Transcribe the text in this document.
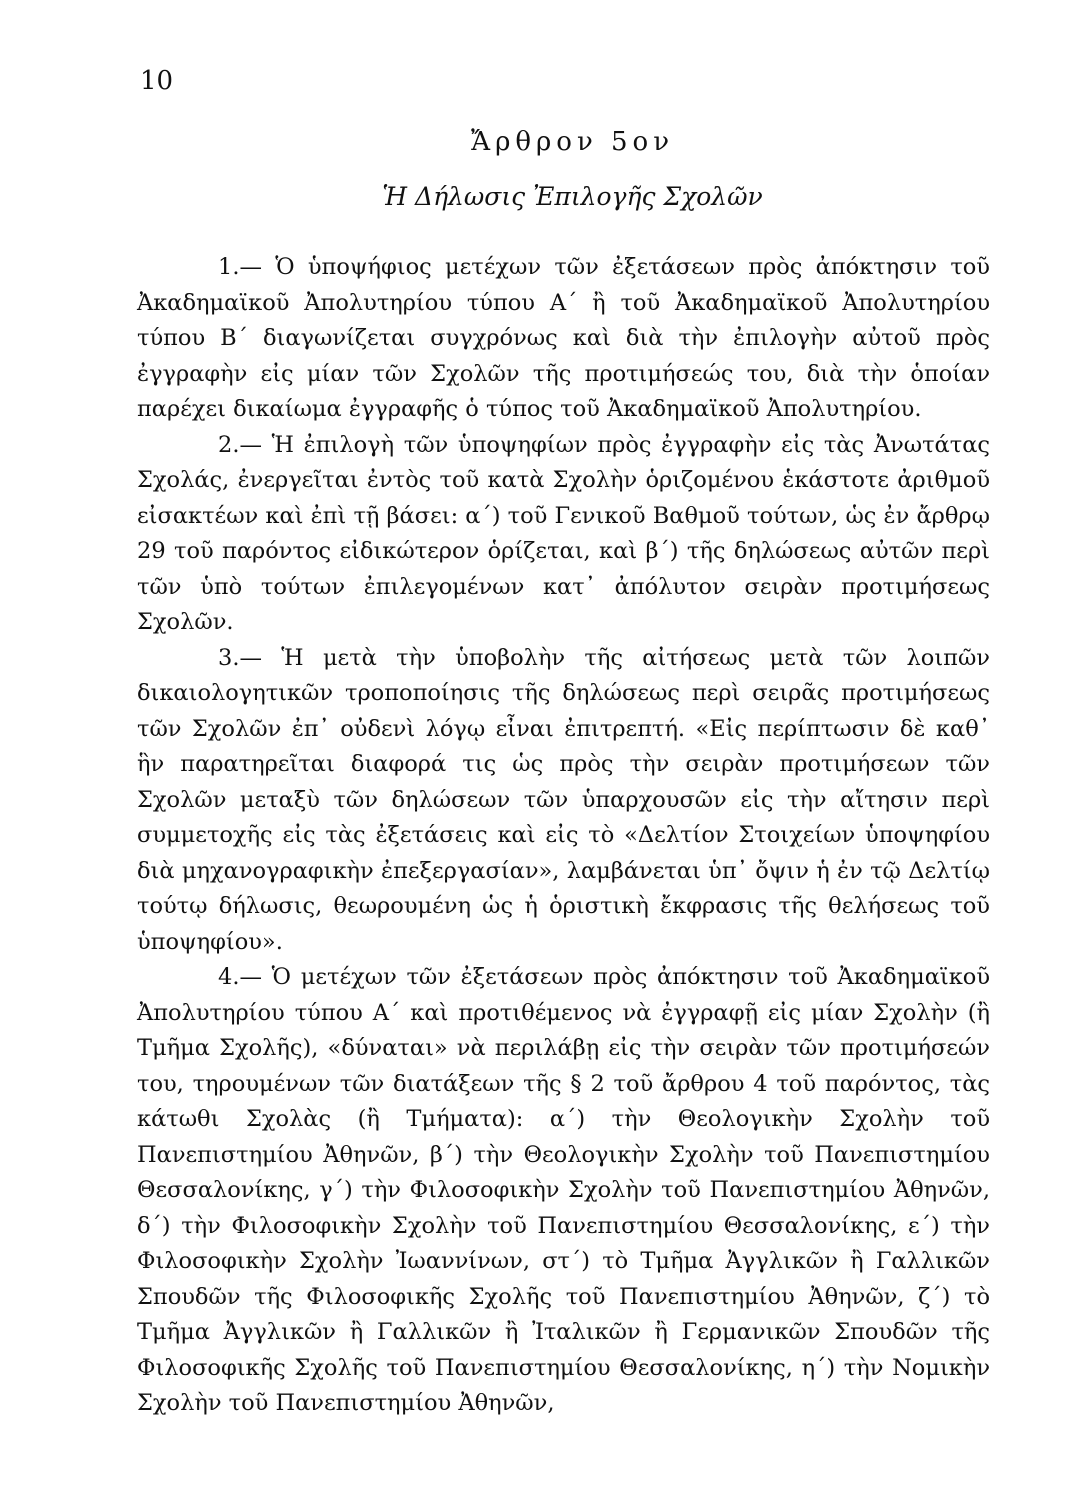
10
Ἄρθρον 5ον
Ἡ Δήλωσις Ἐπιλογῆς Σχολῶν

1.— Ὁ ὑποψήφιος μετέχων τῶν ἐξετάσεων πρὸς ἀπόκτησιν τοῦ Ἀκαδημαϊκοῦ Ἀπολυτηρίου τύπου Α΄ ἢ τοῦ Ἀκαδημαϊκοῦ Ἀπολυτηρίου τύπου Β΄ διαγωνίζεται συγχρόνως καὶ διὰ τὴν ἐπιλογὴν αὐτοῦ πρὸς ἐγγραφὴν εἰς μίαν τῶν Σχολῶν τῆς προτιμήσεώς του, διὰ τὴν ὁποίαν παρέχει δικαίωμα ἐγγραφῆς ὁ τύπος τοῦ Ἀκαδημαϊκοῦ Ἀπολυτηρίου.

2.— Ἡ ἐπιλογὴ τῶν ὑποψηφίων πρὸς ἐγγραφὴν εἰς τὰς Ἀνωτάτας Σχολάς, ἐνεργεῖται ἐντὸς τοῦ κατὰ Σχολὴν ὁριζομένου ἑκάστοτε ἀριθμοῦ εἰσακτέων καὶ ἐπὶ τῇ βάσει: α΄) τοῦ Γενικοῦ Βαθμοῦ τούτων, ὡς ἐν ἄρθρῳ 29 τοῦ παρόντος εἰδικώτερον ὁρίζεται, καὶ β΄) τῆς δηλώσεως αὐτῶν περὶ τῶν ὑπὸ τούτων ἐπιλεγομένων κατ᾽ ἀπόλυτον σειρὰν προτιμήσεως Σχολῶν.

3.— Ἡ μετὰ τὴν ὑποβολὴν τῆς αἰτήσεως μετὰ τῶν λοιπῶν δικαιολογητικῶν τροποποίησις τῆς δηλώσεως περὶ σειρᾶς προτιμήσεως τῶν Σχολῶν ἐπ᾽ οὐδενὶ λόγῳ εἶναι ἐπιτρεπτή. «Εἰς περίπτωσιν δὲ καθ᾽ ἣν παρατηρεῖται διαφορά τις ὡς πρὸς τὴν σειρὰν προτιμήσεων τῶν Σχολῶν μεταξὺ τῶν δηλώσεων τῶν ὑπαρχουσῶν εἰς τὴν αἴτησιν περὶ συμμετοχῆς εἰς τὰς ἐξετάσεις καὶ εἰς τὸ «Δελτίον Στοιχείων ὑποψηφίου διὰ μηχανογραφικὴν ἐπεξεργασίαν», λαμβάνεται ὑπ᾽ ὄψιν ἡ ἐν τῷ Δελτίῳ τούτῳ δήλωσις, θεωρουμένη ὡς ἡ ὁριστικὴ ἔκφρασις τῆς θελήσεως τοῦ ὑποψηφίου».

4.— Ὁ μετέχων τῶν ἐξετάσεων πρὸς ἀπόκτησιν τοῦ Ἀκαδημαϊκοῦ Ἀπολυτηρίου τύπου Α΄ καὶ προτιθέμενος νὰ ἐγγραφῇ εἰς μίαν Σχολὴν (ἢ Τμῆμα Σχολῆς), «δύναται» νὰ περιλάβῃ εἰς τὴν σειρὰν τῶν προτιμήσεών του, τηρουμένων τῶν διατάξεων τῆς § 2 τοῦ ἄρθρου 4 τοῦ παρόντος, τὰς κάτωθι Σχολὰς (ἢ Τμήματα): α΄) τὴν Θεολογικὴν Σχολὴν τοῦ Πανεπιστημίου Ἀθηνῶν, β΄) τὴν Θεολογικὴν Σχολὴν τοῦ Πανεπιστημίου Θεσσαλονίκης, γ΄) τὴν Φιλοσοφικὴν Σχολὴν τοῦ Πανεπιστημίου Ἀθηνῶν, δ΄) τὴν Φιλοσοφικὴν Σχολὴν τοῦ Πανεπιστημίου Θεσσαλονίκης, ε΄) τὴν Φιλοσοφικὴν Σχολὴν Ἰωαννίνων, στ΄) τὸ Τμῆμα Ἀγγλικῶν ἢ Γαλλικῶν Σπουδῶν τῆς Φιλοσοφικῆς Σχολῆς τοῦ Πανεπιστημίου Ἀθηνῶν, ζ΄) τὸ Τμῆμα Ἀγγλικῶν ἢ Γαλλικῶν ἢ Ἰταλικῶν ἢ Γερμανικῶν Σπουδῶν τῆς Φιλοσοφικῆς Σχολῆς τοῦ Πανεπιστημίου Θεσσαλονίκης, η΄) τὴν Νομικὴν Σχολὴν τοῦ Πανεπιστημίου Ἀθηνῶν,
